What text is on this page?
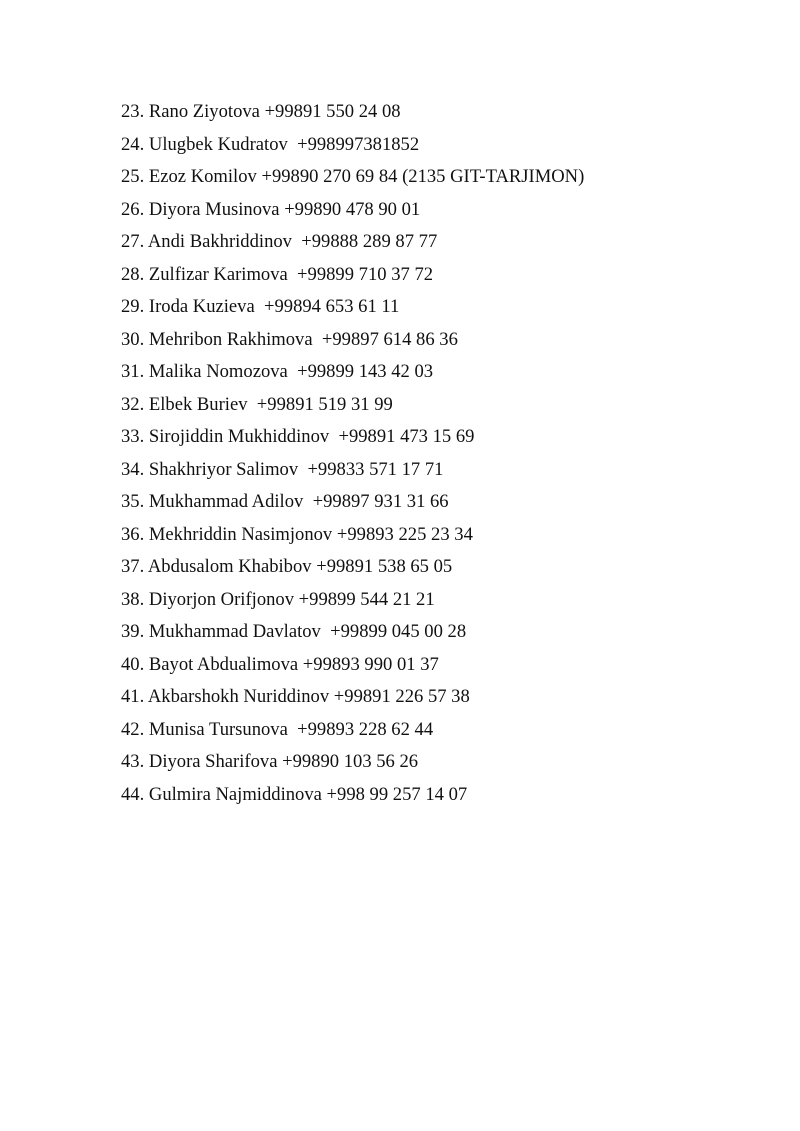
23. Rano Ziyotova +99891 550 24 08
24. Ulugbek Kudratov  +998997381852
25. Ezoz Komilov +99890 270 69 84 (2135 GIT-TARJIMON)
26. Diyora Musinova +99890 478 90 01
27. Andi Bakhriddinov  +99888 289 87 77
28. Zulfizar Karimova  +99899 710 37 72
29. Iroda Kuzieva  +99894 653 61 11
30. Mehribon Rakhimova  +99897 614 86 36
31. Malika Nomozova  +99899 143 42 03
32. Elbek Buriev  +99891 519 31 99
33. Sirojiddin Mukhiddinov  +99891 473 15 69
34. Shakhriyor Salimov  +99833 571 17 71
35. Mukhammad Adilov  +99897 931 31 66
36. Mekhriddin Nasimjonov +99893 225 23 34
37. Abdusalom Khabibov +99891 538 65 05
38. Diyorjon Orifjonov +99899 544 21 21
39. Mukhammad Davlatov  +99899 045 00 28
40. Bayot Abdualimova +99893 990 01 37
41. Akbarshokh Nuriddinov +99891 226 57 38
42. Munisa Tursunova  +99893 228 62 44
43. Diyora Sharifova +99890 103 56 26
44. Gulmira Najmiddinova +998 99 257 14 07
